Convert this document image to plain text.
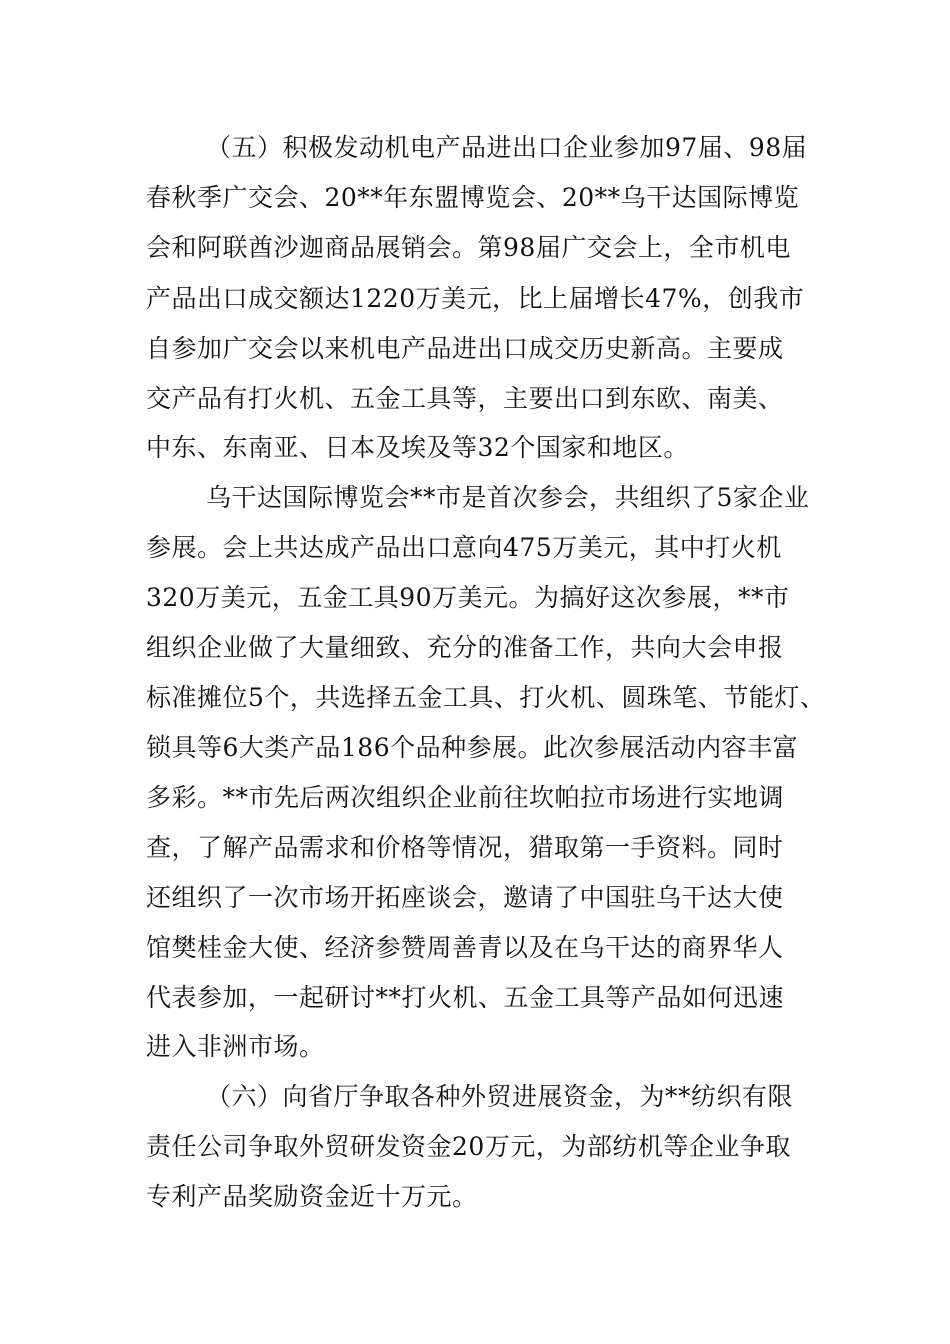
（五）积极发动机电产品进出口企业参加97届、98届
春秋季广交会、20**年东盟博览会、20**乌干达国际博览
会和阿联酋沙迦商品展销会。第98届广交会上，全市机电
产品出口成交额达1220万美元，比上届增长47%，创我市
自参加广交会以来机电产品进出口成交历史新高。主要成
交产品有打火机、五金工具等，主要出口到东欧、南美、
中东、东南亚、日本及埃及等32个国家和地区。
乌干达国际博览会**市是首次参会，共组织了5家企业
参展。会上共达成产品出口意向475万美元，其中打火机
320万美元，五金工具90万美元。为搞好这次参展，**市
组织企业做了大量细致、充分的准备工作，共向大会申报
标准摊位5个，共选择五金工具、打火机、圆珠笔、节能灯、
锁具等6大类产品186个品种参展。此次参展活动内容丰富
多彩。**市先后两次组织企业前往坎帕拉市场进行实地调
查，了解产品需求和价格等情况，猎取第一手资料。同时
还组织了一次市场开拓座谈会，邀请了中国驻乌干达大使
馆樊桂金大使、经济参赞周善青以及在乌干达的商界华人
代表参加，一起研讨**打火机、五金工具等产品如何迅速
进入非洲市场。
（六）向省厅争取各种外贸进展资金，为**纺织有限
责任公司争取外贸研发资金20万元，为部纺机等企业争取
专利产品奖励资金近十万元。
